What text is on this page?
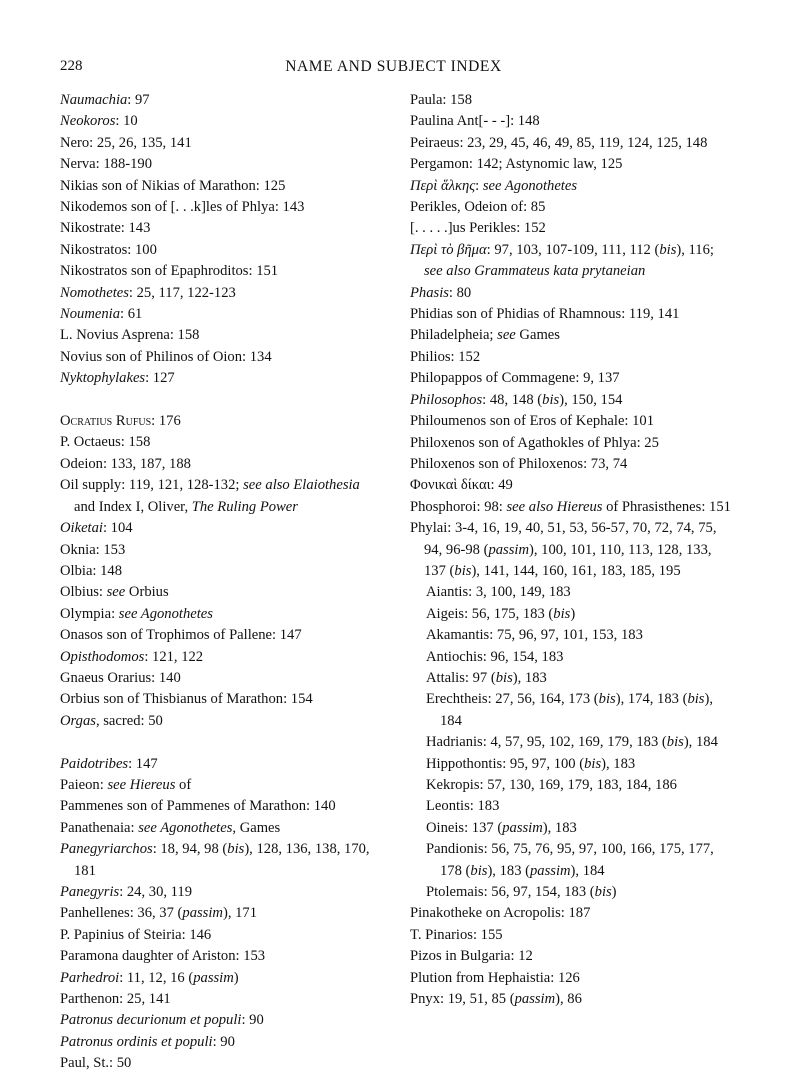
228	NAME AND SUBJECT INDEX
Naumachia: 97
Neokoros: 10
Nero: 25, 26, 135, 141
Nerva: 188-190
Nikias son of Nikias of Marathon: 125
Nikodemos son of [. . .k]les of Phlya: 143
Nikostrate: 143
Nikostratos: 100
Nikostratos son of Epaphroditos: 151
Nomothetes: 25, 117, 122-123
Noumenia: 61
L. Novius Asprena: 158
Novius son of Philinos of Oion: 134
Nyktophylakes: 127
Ocratius Rufus: 176
P. Octaeus: 158
Odeion: 133, 187, 188
Oil supply: 119, 121, 128-132; see also Elaiothesia and Index I, Oliver, The Ruling Power
Oiketai: 104
Oknia: 153
Olbia: 148
Olbius: see Orbius
Olympia: see Agonothetes
Onasos son of Trophimos of Pallene: 147
Opisthodomos: 121, 122
Gnaeus Orarius: 140
Orbius son of Thisbianus of Marathon: 154
Orgas, sacred: 50
Paidotribes: 147
Paieon: see Hiereus of
Pammenes son of Pammenes of Marathon: 140
Panathenaia: see Agonothetes, Games
Panegyriarchos: 18, 94, 98 (bis), 128, 136, 138, 170, 181
Panegyris: 24, 30, 119
Panhellenes: 36, 37 (passim), 171
P. Papinius of Steiria: 146
Paramona daughter of Ariston: 153
Parhedroi: 11, 12, 16 (passim)
Parthenon: 25, 141
Patronus decurionum et populi: 90
Patronus ordinis et populi: 90
Paul, St.: 50
Paula: 158
Paulina Ant[- - -]: 148
Peiraeus: 23, 29, 45, 46, 49, 85, 119, 124, 125, 148
Pergamon: 142; Astynomic law, 125
Περὶ ἅλκης: see Agonothetes
Perikles, Odeion of: 85
[. . . . .]us Perikles: 152
Περὶ τὸ βῆμα: 97, 103, 107-109, 111, 112 (bis), 116; see also Grammateus kata prytaneian
Phasis: 80
Phidias son of Phidias of Rhamnous: 119, 141
Philadelpheia; see Games
Philios: 152
Philopappos of Commagene: 9, 137
Philosophos: 48, 148 (bis), 150, 154
Philoumenos son of Eros of Kephale: 101
Philoxenos son of Agathokles of Phlya: 25
Philoxenos son of Philoxenos: 73, 74
Φονικαὶ δίκαι: 49
Phosphoroi: 98: see also Hiereus of Phrasisthenes: 151
Phylai: 3-4, 16, 19, 40, 51, 53, 56-57, 70, 72, 74, 75, 94, 96-98 (passim), 100, 101, 110, 113, 128, 133, 137 (bis), 141, 144, 160, 161, 183, 185, 195
Aiantis: 3, 100, 149, 183
Aigeis: 56, 175, 183 (bis)
Akamantis: 75, 96, 97, 101, 153, 183
Antiochis: 96, 154, 183
Attalis: 97 (bis), 183
Erechtheis: 27, 56, 164, 173 (bis), 174, 183 (bis), 184
Hadrianis: 4, 57, 95, 102, 169, 179, 183 (bis), 184
Hippothontis: 95, 97, 100 (bis), 183
Kekropis: 57, 130, 169, 179, 183, 184, 186
Leontis: 183
Oineis: 137 (passim), 183
Pandionis: 56, 75, 76, 95, 97, 100, 166, 175, 177, 178 (bis), 183 (passim), 184
Ptolemais: 56, 97, 154, 183 (bis)
Pinakotheke on Acropolis: 187
T. Pinarios: 155
Pizos in Bulgaria: 12
Plution from Hephaistia: 126
Pnyx: 19, 51, 85 (passim), 86
